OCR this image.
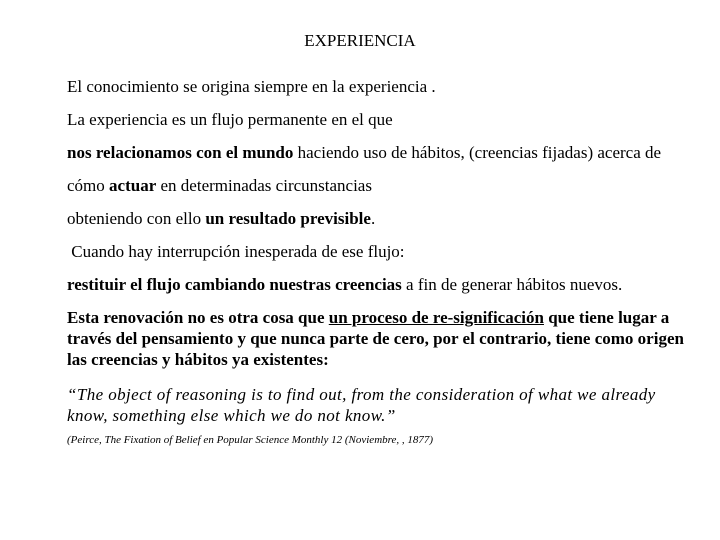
EXPERIENCIA

El conocimiento se origina siempre en la experiencia .

La experiencia es un flujo permanente en el que

nos relacionamos con el mundo haciendo uso de hábitos, (creencias fijadas) acerca de

cómo actuar en determinadas circunstancias

obteniendo con ello un resultado previsible.

Cuando hay interrupción inesperada de ese flujo:

restituir el flujo cambiando nuestras creencias a fin de generar hábitos nuevos.

Esta renovación no es otra cosa que un proceso de re-significación que tiene lugar a través del pensamiento y que nunca parte de cero, por el contrario, tiene como origen las creencias y hábitos ya existentes:

“The object of reasoning is to find out, from the consideration of what we already know, something else which we do not know.”

(Peirce, The Fixation of Belief en Popular Science Monthly 12 (Noviembre, , 1877)
